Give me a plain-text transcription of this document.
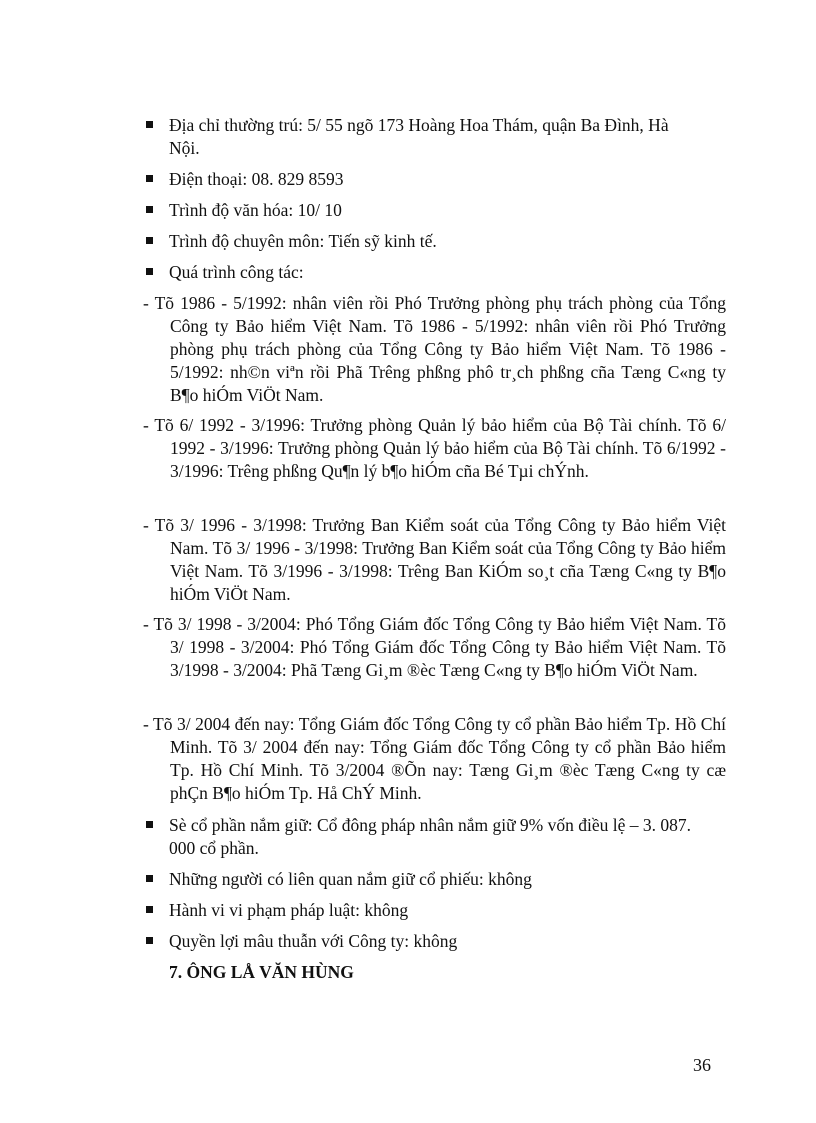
Địa chỉ thường trú: 5/ 55 ngõ 173 Hoàng Hoa Thám, quận Ba Đình, Hà Nội.
Điện thoại: 08. 829 8593
Trình độ văn hóa: 10/ 10
Trình độ chuyên môn: Tiến sỹ kinh tế.
Quá trình công tác:
- Tõ 1986 - 5/1992: nhân viên rồi Phó Trưởng phòng phụ trách phòng của Tổng Công ty Bảo hiểm Việt Nam. Tõ 1986 - 5/1992: nhân viên rồi Phó Trưởng phòng phụ trách phòng của Tổng Công ty Bảo hiểm Việt Nam. Tõ 1986 - 5/1992: nh©n viªn rồi Phã Trêng phßng phô tr¸ch phßng cña Tæng C«ng ty B¶o hiÓm ViÖt Nam.
- Tõ 6/ 1992 - 3/1996: Trưởng phòng Quản lý bảo hiểm của Bộ Tài chính. Tõ 6/ 1992 - 3/1996: Trưởng phòng Quản lý bảo hiểm của Bộ Tài chính. Tõ 6/1992 - 3/1996: Trêng phßng Qu¶n lý b¶o hiÓm cña Bé Tµi chÝnh.
- Tõ 3/ 1996 - 3/1998: Trưởng Ban Kiểm soát của Tổng Công ty Bảo hiểm Việt Nam. Tõ 3/ 1996 - 3/1998: Trưởng Ban Kiểm soát của Tổng Công ty Bảo hiểm Việt Nam. Tõ 3/1996 - 3/1998: Trêng Ban KiÓm so¸t cña Tæng C«ng ty B¶o hiÓm ViÖt Nam.
- Tõ 3/ 1998 - 3/2004: Phó Tổng Giám đốc Tổng Công ty Bảo hiểm Việt Nam. Tõ 3/ 1998 - 3/2004: Phó Tổng Giám đốc Tổng Công ty Bảo hiểm Việt Nam. Tõ 3/1998 - 3/2004: Phã Tæng Gi¸m ®èc Tæng C«ng ty B¶o hiÓm ViÖt Nam.
- Tõ 3/ 2004 đến nay: Tổng Giám đốc Tổng Công ty cổ phần Bảo hiểm Tp. Hồ Chí Minh. Tõ 3/ 2004 đến nay: Tổng Giám đốc Tổng Công ty cổ phần Bảo hiểm Tp. Hồ Chí Minh. Tõ 3/2004 ®Õn nay: Tæng Gi¸m ®èc Tæng C«ng ty cæ phÇn B¶o hiÓm Tp. Hå ChÝ Minh.
Sè cổ phần nắm giữ: Cổ đông pháp nhân nắm giữ 9% vốn điều lệ – 3. 087. 000 cổ phần.
Những người có liên quan nắm giữ cổ phiếu: không
Hành vi vi phạm pháp luật: không
Quyền lợi mâu thuẫn với Công ty: không
7. ÔNG LÅ VĂN HÙNG
36
